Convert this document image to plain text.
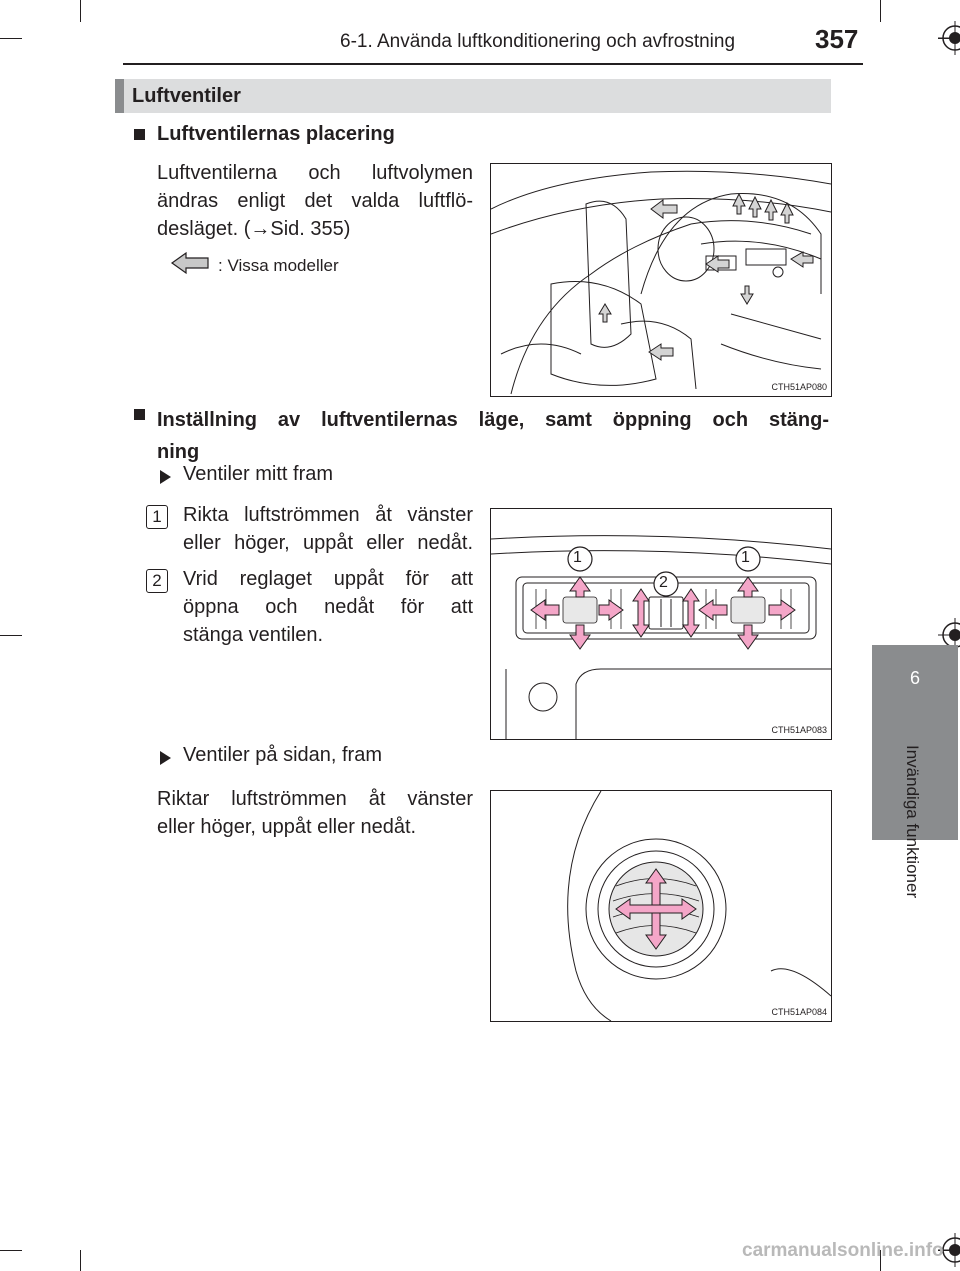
6-1. Använda luftkonditionering och avfrostning	357
6
Invändiga funktioner
Luftventiler
Luftventilernas placering
Luftventilerna och luftvolymen
ändras enligt det valda luftflö-
desläget. (→Sid. 355)
: Vissa modeller
CTH51AP080
Inställning av luftventilernas läge, samt öppning och stäng-
ning
Ventiler mitt fram
1	Rikta luftströmmen åt vänster
eller höger, uppåt eller nedåt.
2	Vrid reglaget uppåt för att
öppna och nedåt för att
stänga ventilen.
1	1
2
CTH51AP083
Ventiler på sidan, fram
Riktar luftströmmen åt vänster
eller höger, uppåt eller nedåt.
CTH51AP084
carmanualsonline.info
